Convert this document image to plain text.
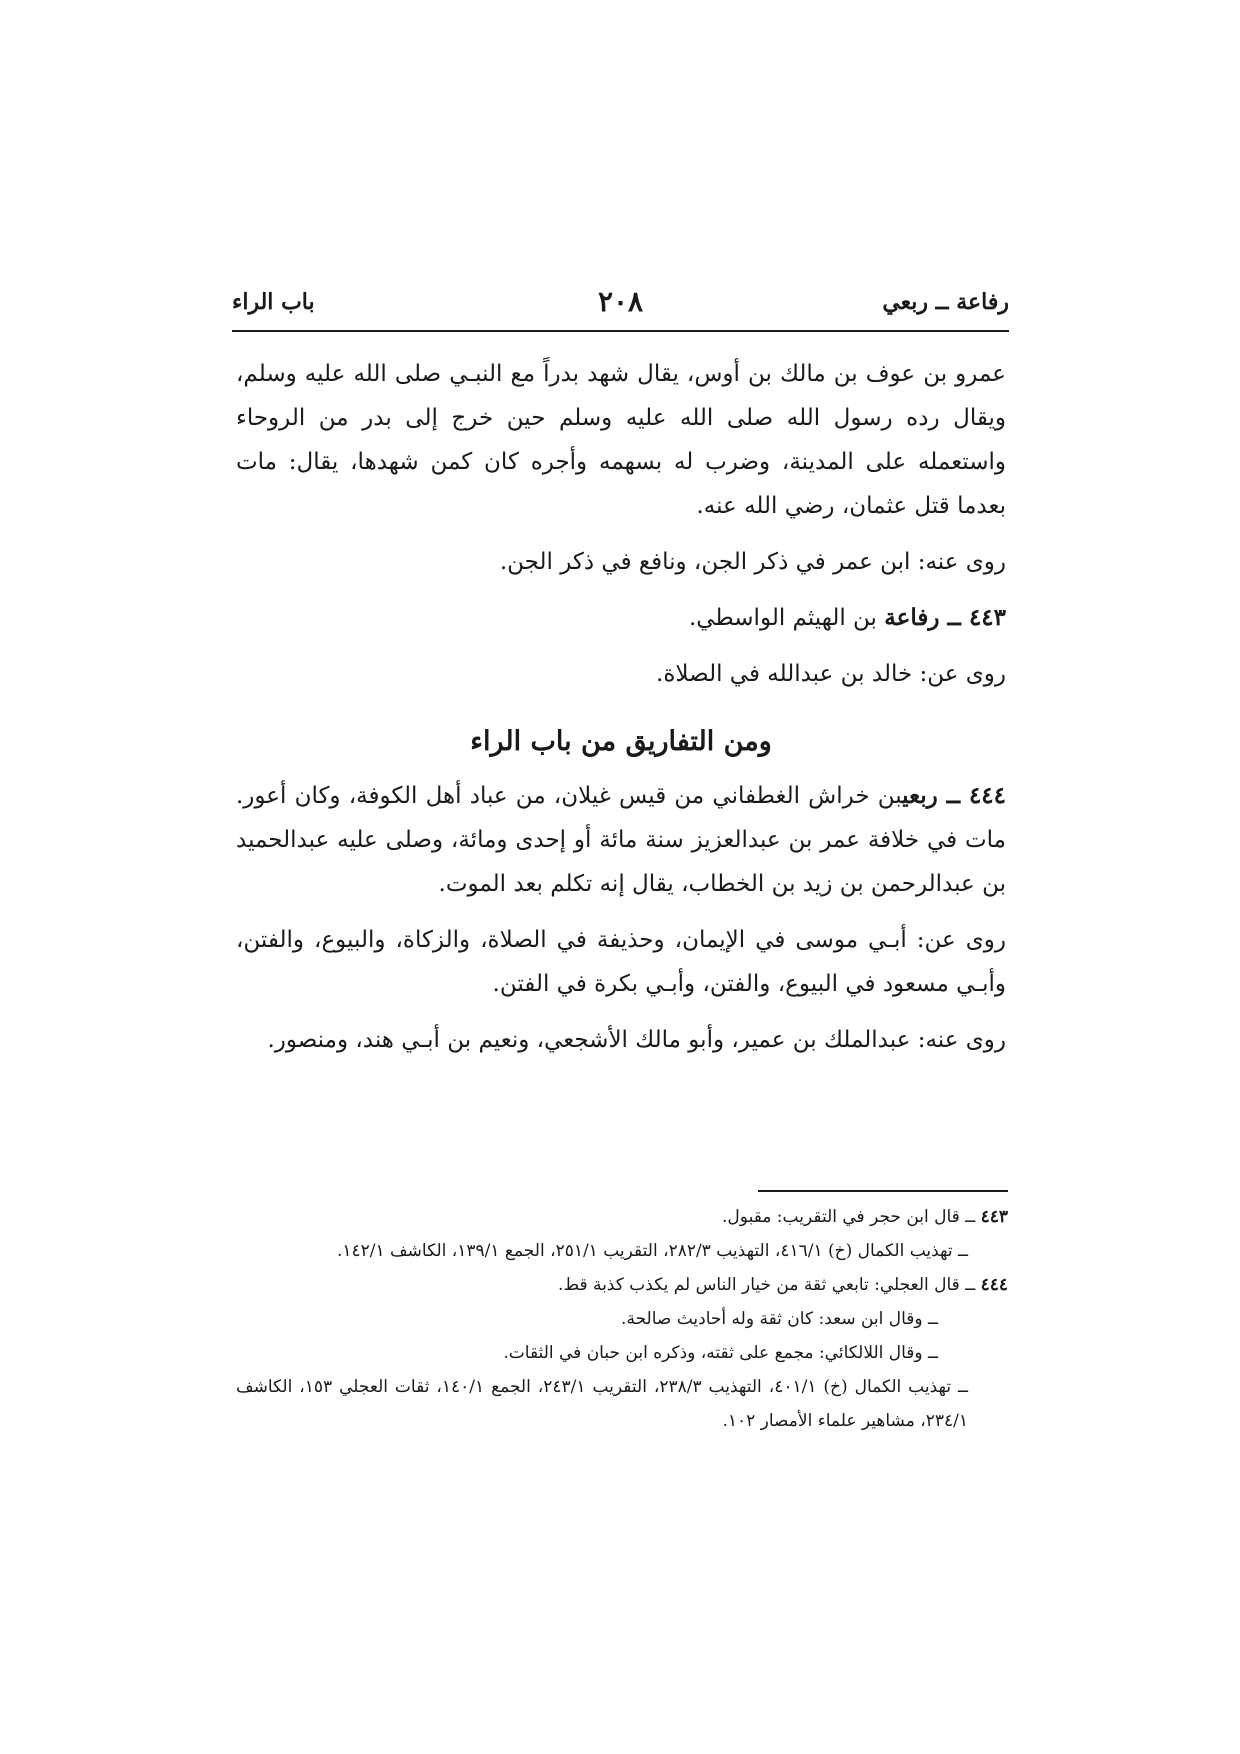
رفاعة ــ ربعي
٢٠٨
باب الراء

عمرو بن عوف بن مالك بن أوس، يقال شهد بدراً مع النبـي صلى الله عليه وسلم، ويقال رده رسول الله صلى الله عليه وسلم حين خرج إلى بدر من الروحاء واستعمله على المدينة، وضرب له بسهمه وأجره كان كمن شهدها، يقال: مات بعدما قتل عثمان، رضي الله عنه.

روى عنه: ابن عمر في ذكر الجن، ونافع في ذكر الجن.

٤٤٣ ــ رفاعة بن الهيثم الواسطي.

روى عن: خالد بن عبدالله في الصلاة.

ومن التفاريق من باب الراء

٤٤٤ ــ ربعيبن خراش الغطفاني من قيس غيلان، من عباد أهل الكوفة، وكان أعور. مات في خلافة عمر بن عبدالعزيز سنة مائة أو إحدى ومائة، وصلى عليه عبدالحميد بن عبدالرحمن بن زيد بن الخطاب، يقال إنه تكلم بعد الموت.

روى عن: أبـي موسى في الإيمان، وحذيفة في الصلاة، والزكاة، والبيوع، والفتن، وأبـي مسعود في البيوع، والفتن، وأبـي بكرة في الفتن.

روى عنه: عبدالملك بن عمير، وأبو مالك الأشجعي، ونعيم بن أبـي هند، ومنصور.

٤٤٣ ــ قال ابن حجر في التقريب: مقبول.

ــ تهذيب الكمال (خ) ٤١٦/١، التهذيب ٢٨٢/٣، التقريب ٢٥١/١، الجمع ١٣٩/١، الكاشف ١٤٢/١.

٤٤٤ ــ قال العجلي: تابعي ثقة من خيار الناس لم يكذب كذبة قط.

ــ وقال ابن سعد: كان ثقة وله أحاديث صالحة.

ــ وقال اللالكائي: مجمع على ثقته، وذكره ابن حبان في الثقات.

ــ تهذيب الكمال (خ) ٤٠١/١، التهذيب ٢٣٨/٣، التقريب ٢٤٣/١، الجمع ١٤٠/١، ثقات العجلي ١٥٣، الكاشف ٢٣٤/١، مشاهير علماء الأمصار ١٠٢.
